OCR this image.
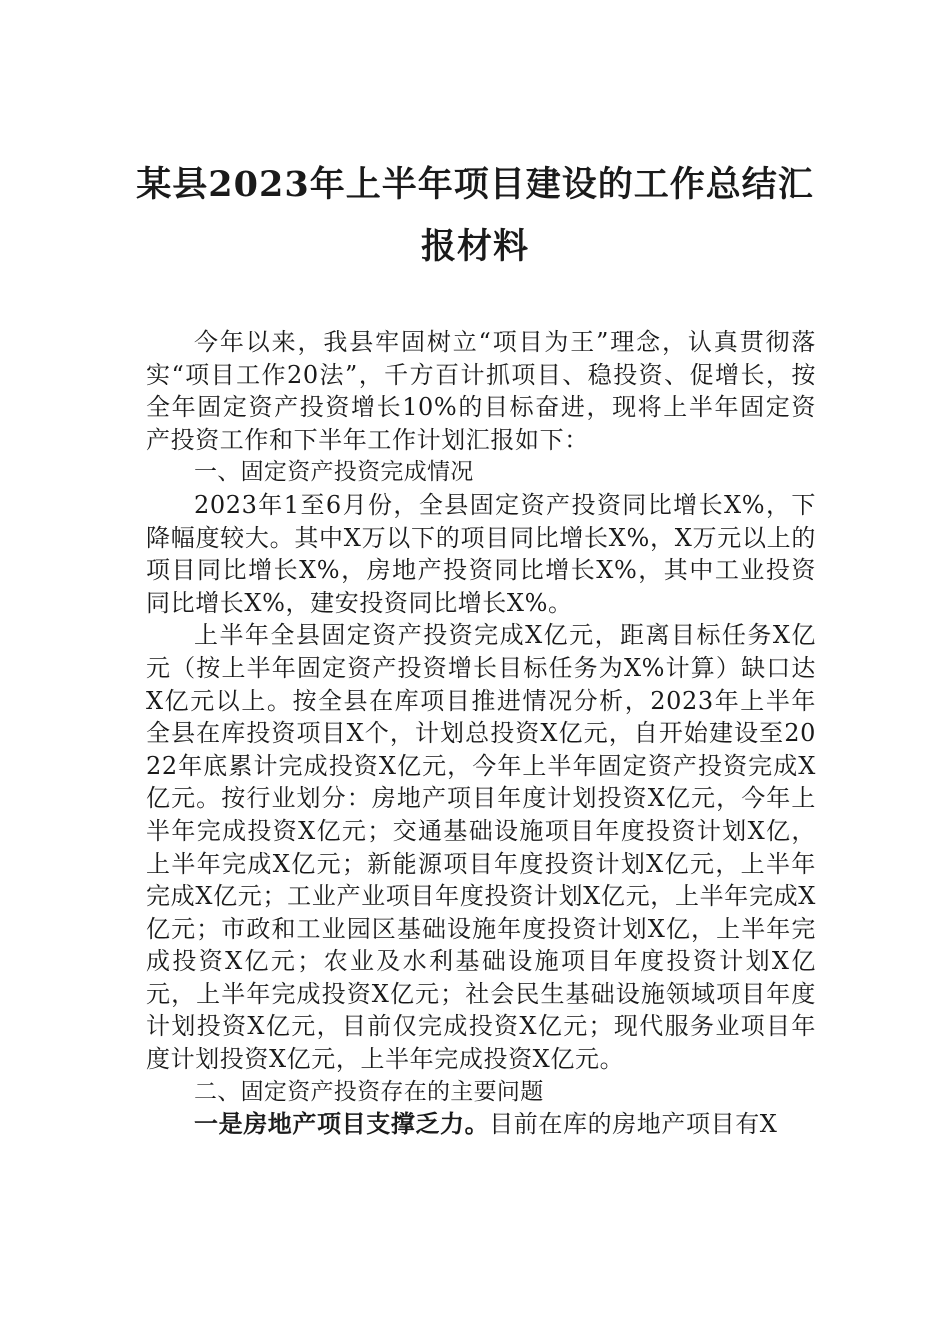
某县2023年上半年项目建设的工作总结汇报材料

今年以来，我县牢固树立“项目为王”理念，认真贯彻落实“项目工作20法”，千方百计抓项目、稳投资、促增长，按全年固定资产投资增长10%的目标奋进，现将上半年固定资产投资工作和下半年工作计划汇报如下：

一、固定资产投资完成情况

2023年1至6月份，全县固定资产投资同比增长X%，下降幅度较大。其中X万以下的项目同比增长X%，X万元以上的项目同比增长X%，房地产投资同比增长X%，其中工业投资同比增长X%，建安投资同比增长X%。

上半年全县固定资产投资完成X亿元，距离目标任务X亿元（按上半年固定资产投资增长目标任务为X%计算）缺口达X亿元以上。按全县在库项目推进情况分析，2023年上半年全县在库投资项目X个，计划总投资X亿元，自开始建设至2022年底累计完成投资X亿元，今年上半年固定资产投资完成X亿元。按行业划分：房地产项目年度计划投资X亿元，今年上半年完成投资X亿元；交通基础设施项目年度投资计划X亿，上半年完成X亿元；新能源项目年度投资计划X亿元，上半年完成X亿元；工业产业项目年度投资计划X亿元，上半年完成X亿元；市政和工业园区基础设施年度投资计划X亿，上半年完成投资X亿元；农业及水利基础设施项目年度投资计划X亿元，上半年完成投资X亿元；社会民生基础设施领域项目年度计划投资X亿元，目前仅完成投资X亿元；现代服务业项目年度计划投资X亿元，上半年完成投资X亿元。

二、固定资产投资存在的主要问题

一是房地产项目支撑乏力。目前在库的房地产项目有X
